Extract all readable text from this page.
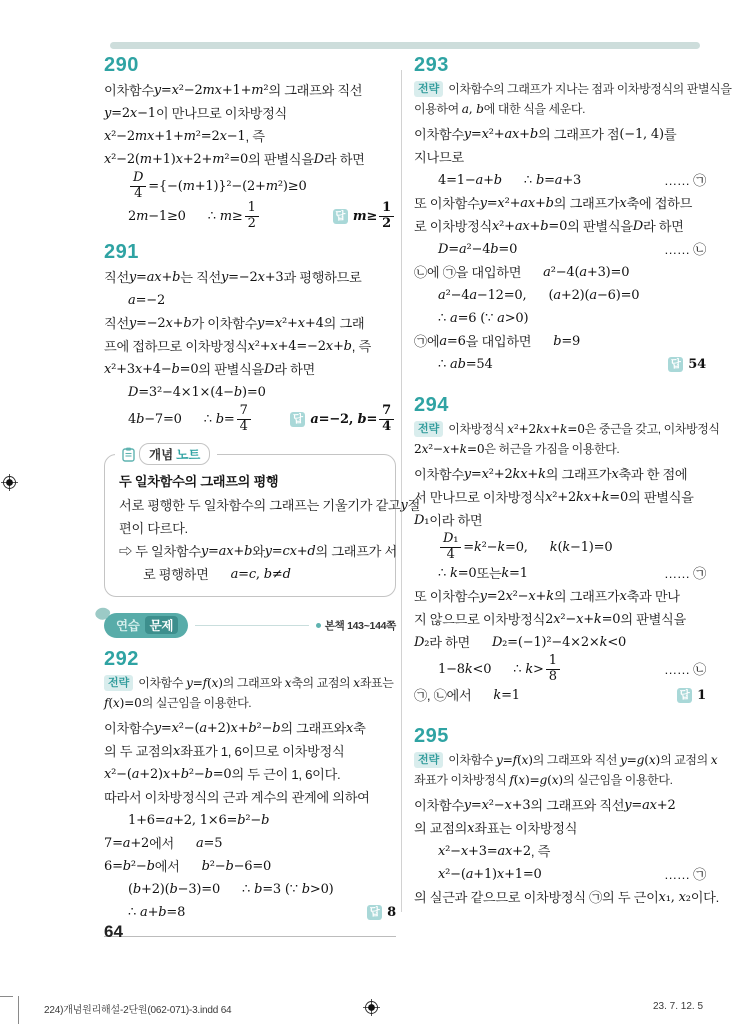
290
이차함수 y=x²−2mx+1+m² 의 그래프와 직선
y=2x−1 이 만나므로 이차방정식
x²−2mx+1+m²=2x−1 , 즉
x²−2(m+1)x+2+m²=0 의 판별식을 D 라 하면
$\frac{D}{4} =\{-(m+1)\}^2-(2+m^2)\ge 0$
2m−1≥0 ∴ $m\ge \frac{1}{2}$	답 $m\ge \frac{1}{2}$
291
직선 y=ax+b 는 직선 y=−2x+3 과 평행하므로
a=−2
직선 y=−2x+b 가 이차함수 y=x²+x+4 의 그래
프에 접하므로 이차방정식 x²+x+4=−2x+b , 즉
x²+3x+4−b=0 의 판별식을 D 라 하면
D=3²−4×1×(4−b)=0
4b−7=0 ∴ $b= \frac{7}{4}$	답 a=−2, $b= \frac{7}{4}$
개념 노트
두 일차함수의 그래프의 평행
서로 평행한 두 일차함수의 그래프는 기울기가 같고 y 절
편이 다르다.
⇨ 두 일차함수 y=ax+b 와 y=cx+d 의 그래프가 서
로 평행하면 a=c, b≠d
연습 문제	본책 143~144쪽
292
전략 이차함수 y=f(x)의 그래프와 x축의 교점의 x좌표는
f(x)=0의 실근임을 이용한다.
이차함수 y=x²−(a+2)x+b²−b 의 그래프와 x 축
의 두 교점의 x 좌표가 1, 6이므로 이차방정식
x²−(a+2)x+b²−b=0 의 두 근이 1, 6이다.
따라서 이차방정식의 근과 계수의 관계에 의하여
1+6=a+2, 1×6=b²−b
7=a+2 에서 a=5
6=b²−b 에서 b²−b−6=0
(b+2)(b−3)=0 ∴ b=3 (∵ b>0)
∴ a+b=8	답 8
293
전략 이차함수의 그래프가 지나는 점과 이차방정식의 판별식을
이용하여 a, b에 대한 식을 세운다.
이차함수 y=x²+ax+b 의 그래프가 점 (−1, 4) 를
지나므로
4=1−a+b ∴ b=a+3	…… ㉠
또 이차함수 y=x²+ax+b 의 그래프가 x 축에 접하므
로 이차방정식 x²+ax+b=0 의 판별식을 D 라 하면
D=a²−4b=0	…… ㉡
㉡에 ㉠을 대입하면 a²−4(a+3)=0
a²−4a−12=0, (a+2)(a−6)=0
∴ a=6 (∵ a>0)
㉠에 a=6 을 대입하면 b=9
∴ ab=54	답 54
294
전략 이차방정식 x²+2kx+k=0은 중근을 갖고, 이차방정식
2x²−x+k=0은 허근을 가짐을 이용한다.
이차함수 y=x²+2kx+k 의 그래프가 x 축과 한 점에
서 만나므로 이차방정식 x²+2kx+k=0 의 판별식을
D₁ 이라 하면
$\frac{\text{D₁}}{4} =k^2-k=0$, k(k−1)=0
∴ k=0 또는 k=1	…… ㉠
또 이차함수 y=2x²−x+k 의 그래프가 x 축과 만나
지 않으므로 이차방정식 2x²−x+k=0 의 판별식을
D₂ 라 하면 D₂=(−1)²−4×2×k<0
1−8k<0 ∴ $k> \frac{1}{8}$	…… ㉡
㉠, ㉡에서 k=1	답 1
295
전략 이차함수 y=f(x)의 그래프와 직선 y=g(x)의 교점의 x
좌표가 이차방정식 f(x)=g(x)의 실근임을 이용한다.
이차함수 y=x²−x+3 의 그래프와 직선 y=ax+2
의 교점의 x 좌표는 이차방정식
x²−x+3=ax+2 , 즉
x²−(a+1)x+1=0	…… ㉠
의 실근과 같으므로 이차방정식 ㉠의 두 근이 x₁, x₂ 이다.
64
224)개념원리해설-2단원(062-071)-3.indd 64	23. 7. 12. 5
